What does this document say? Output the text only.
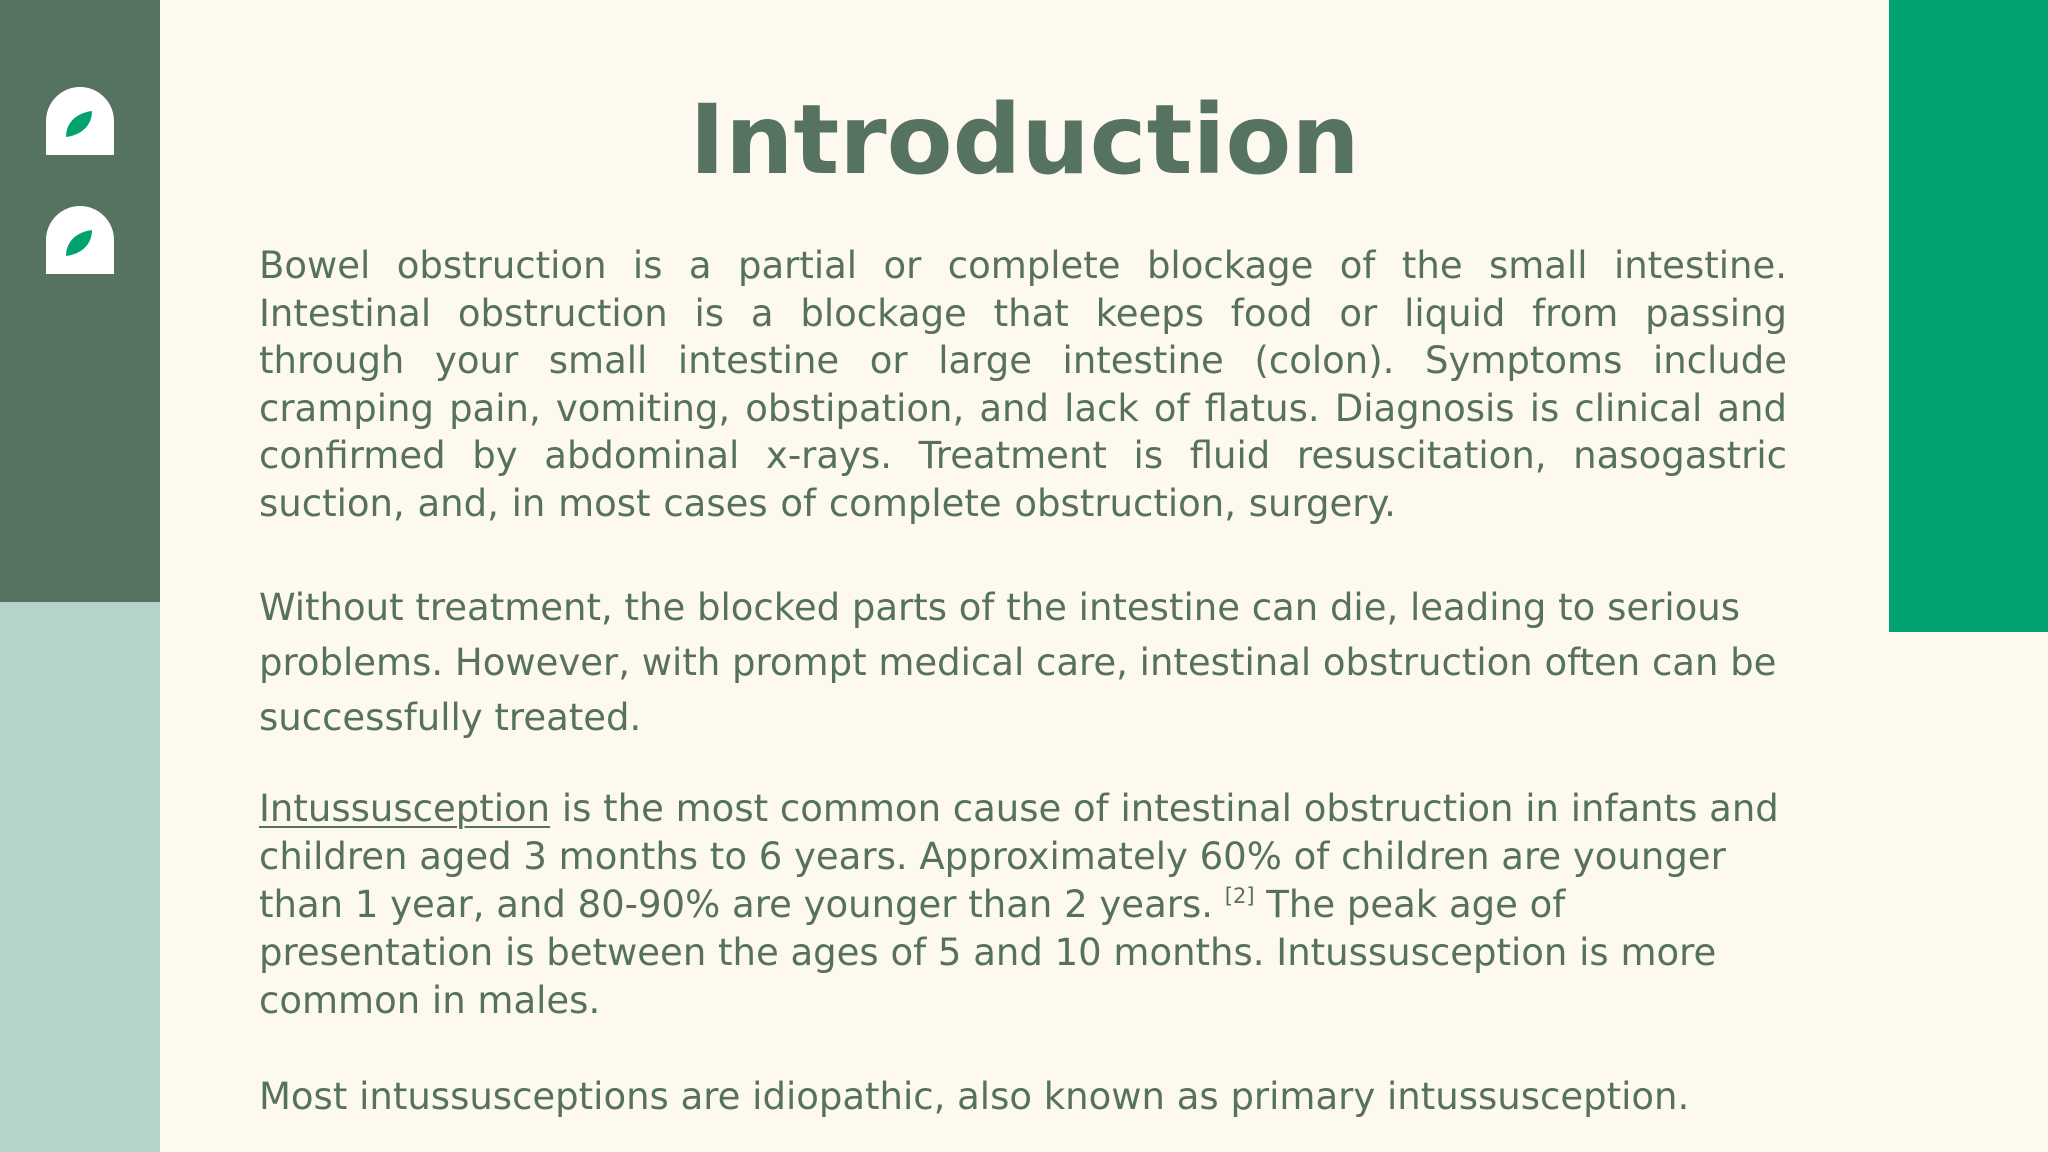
Introduction

Bowel obstruction is a partial or complete blockage of the small intestine. Intestinal obstruction is a blockage that keeps food or liquid from passing through your small intestine or large intestine (colon). Symptoms include cramping pain, vomiting, obstipation, and lack of flatus. Diagnosis is clinical and confirmed by abdominal x-rays. Treatment is fluid resuscitation, nasogastric suction, and, in most cases of complete obstruction, surgery.

Without treatment, the blocked parts of the intestine can die, leading to serious problems. However, with prompt medical care, intestinal obstruction often can be successfully treated.

Intussusception is the most common cause of intestinal obstruction in infants and children aged 3 months to 6 years. Approximately 60% of children are younger than 1 year, and 80-90% are younger than 2 years. [2] The peak age of presentation is between the ages of 5 and 10 months. Intussusception is more common in males.

Most intussusceptions are idiopathic, also known as primary intussusception.
